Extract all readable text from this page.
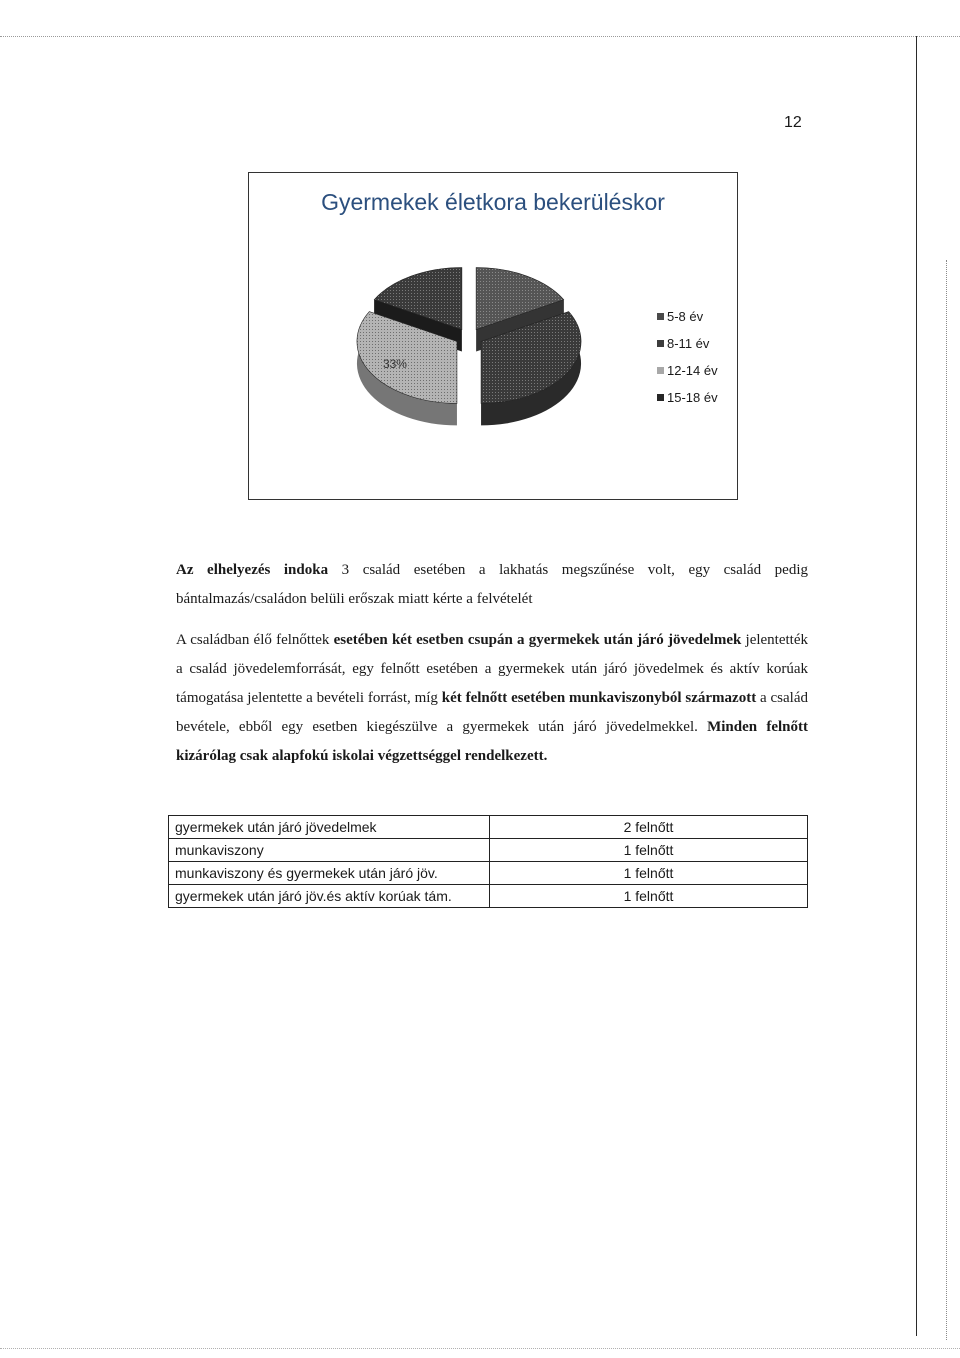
12
Gyermekek életkora bekerüléskor
33%
5-8 év
8-11 év
12-14 év
15-18 év
Az elhelyezés indoka 3 család esetében a lakhatás megszűnése volt, egy család pedig bántalmazás/családon belüli erőszak miatt kérte a felvételét
A családban élő felnőttek esetében két esetben csupán a gyermekek után járó jövedelmek jelentették a család jövedelemforrását, egy felnőtt esetében a gyermekek után járó jövedelmek és aktív korúak támogatása jelentette a bevételi forrást, míg két felnőtt esetében munkaviszonyból származott a család bevétele, ebből egy esetben kiegészülve a gyermekek után járó jövedelmekkel. Minden felnőtt kizárólag csak alapfokú iskolai végzettséggel rendelkezett.
gyermekek után járó jövedelmek	2 felnőtt
munkaviszony	1 felnőtt
munkaviszony és gyermekek után járó jöv.	1 felnőtt
gyermekek után járó jöv.és aktív korúak tám.	1 felnőtt
